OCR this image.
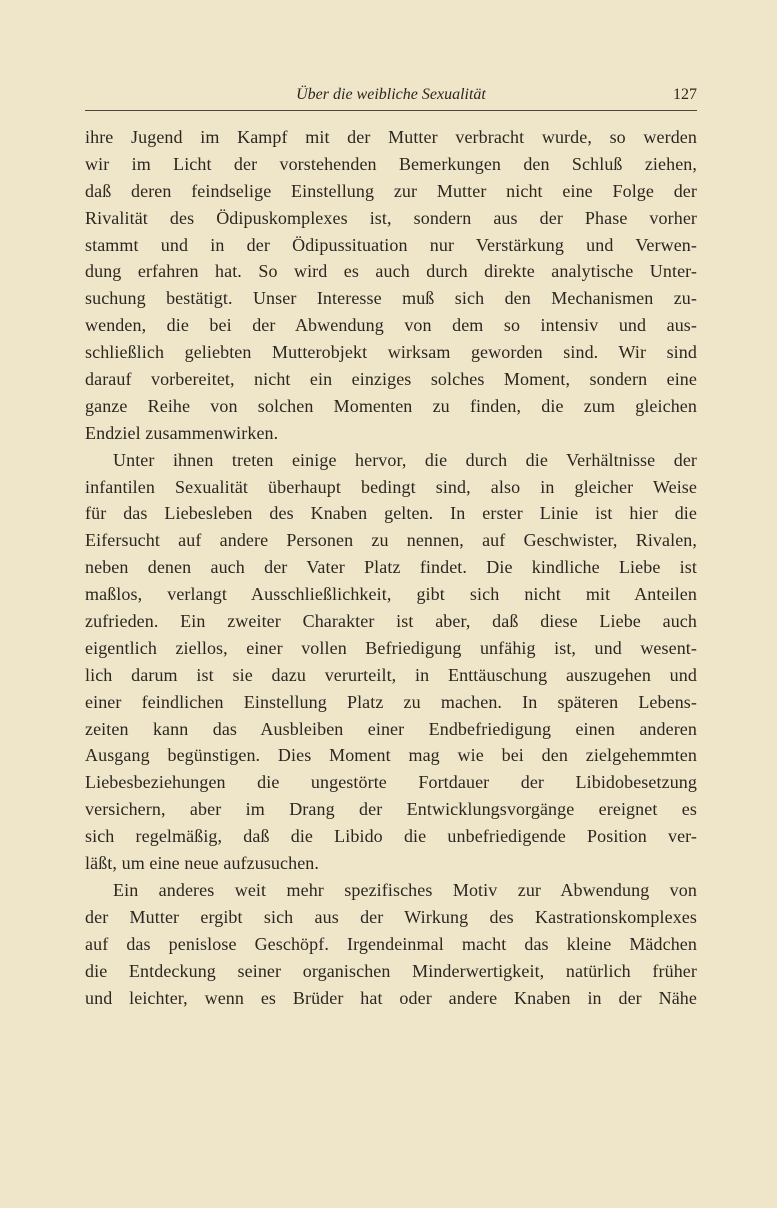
Über die weibliche Sexualität	127
ihre Jugend im Kampf mit der Mutter verbracht wurde, so werden
wir im Licht der vorstehenden Bemerkungen den Schluß ziehen,
daß deren feindselige Einstellung zur Mutter nicht eine Folge der
Rivalität des Ödipuskomplexes ist, sondern aus der Phase vorher
stammt und in der Ödipussituation nur Verstärkung und Verwen-
dung erfahren hat. So wird es auch durch direkte analytische Unter-
suchung bestätigt. Unser Interesse muß sich den Mechanismen zu-
wenden, die bei der Abwendung von dem so intensiv und aus-
schließlich geliebten Mutterobjekt wirksam geworden sind. Wir sind
darauf vorbereitet, nicht ein einziges solches Moment, sondern eine
ganze Reihe von solchen Momenten zu finden, die zum gleichen
Endziel zusammenwirken.
Unter ihnen treten einige hervor, die durch die Verhältnisse der
infantilen Sexualität überhaupt bedingt sind, also in gleicher Weise
für das Liebesleben des Knaben gelten. In erster Linie ist hier die
Eifersucht auf andere Personen zu nennen, auf Geschwister, Rivalen,
neben denen auch der Vater Platz findet. Die kindliche Liebe ist
maßlos, verlangt Ausschließlichkeit, gibt sich nicht mit Anteilen
zufrieden. Ein zweiter Charakter ist aber, daß diese Liebe auch
eigentlich ziellos, einer vollen Befriedigung unfähig ist, und wesent-
lich darum ist sie dazu verurteilt, in Enttäuschung auszugehen und
einer feindlichen Einstellung Platz zu machen. In späteren Lebens-
zeiten kann das Ausbleiben einer Endbefriedigung einen anderen
Ausgang begünstigen. Dies Moment mag wie bei den zielgehemmten
Liebesbeziehungen die ungestörte Fortdauer der Libidobesetzung
versichern, aber im Drang der Entwicklungsvorgänge ereignet es
sich regelmäßig, daß die Libido die unbefriedigende Position ver-
läßt, um eine neue aufzusuchen.
Ein anderes weit mehr spezifisches Motiv zur Abwendung von
der Mutter ergibt sich aus der Wirkung des Kastrationskomplexes
auf das penislose Geschöpf. Irgendeinmal macht das kleine Mädchen
die Entdeckung seiner organischen Minderwertigkeit, natürlich früher
und leichter, wenn es Brüder hat oder andere Knaben in der Nähe
